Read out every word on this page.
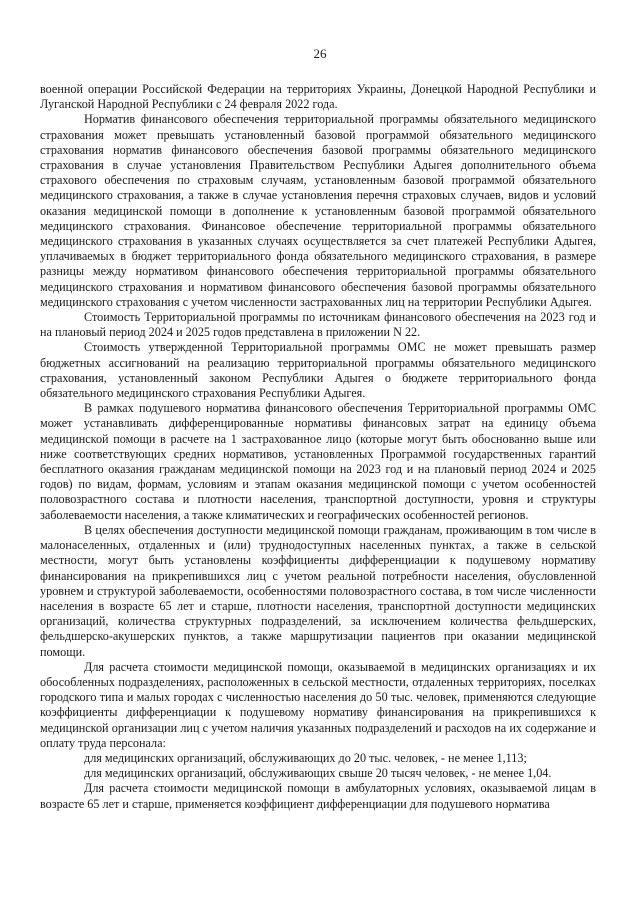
26

военной операции Российской Федерации на территориях Украины, Донецкой Народной Республики и Луганской Народной Республики с 24 февраля 2022 года.

Норматив финансового обеспечения территориальной программы обязательного медицинского страхования может превышать установленный базовой программой обязательного медицинского страхования норматив финансового обеспечения базовой программы обязательного медицинского страхования в случае установления Правительством Республики Адыгея дополнительного объема страхового обеспечения по страховым случаям, установленным базовой программой обязательного медицинского страхования, а также в случае установления перечня страховых случаев, видов и условий оказания медицинской помощи в дополнение к установленным базовой программой обязательного медицинского страхования. Финансовое обеспечение территориальной программы обязательного медицинского страхования в указанных случаях осуществляется за счет платежей Республики Адыгея, уплачиваемых в бюджет территориального фонда обязательного медицинского страхования, в размере разницы между нормативом финансового обеспечения территориальной программы обязательного медицинского страхования и нормативом финансового обеспечения базовой программы обязательного медицинского страхования с учетом численности застрахованных лиц на территории Республики Адыгея.

Стоимость Территориальной программы по источникам финансового обеспечения на 2023 год и на плановый период 2024 и 2025 годов представлена в приложении N 22.

Стоимость утвержденной Территориальной программы ОМС не может превышать размер бюджетных ассигнований на реализацию территориальной программы обязательного медицинского страхования, установленный законом Республики Адыгея о бюджете территориального фонда обязательного медицинского страхования Республики Адыгея.

В рамках подушевого норматива финансового обеспечения Территориальной программы ОМС может устанавливать дифференцированные нормативы финансовых затрат на единицу объема медицинской помощи в расчете на 1 застрахованное лицо (которые могут быть обоснованно выше или ниже соответствующих средних нормативов, установленных Программой государственных гарантий бесплатного оказания гражданам медицинской помощи на 2023 год и на плановый период 2024 и 2025 годов) по видам, формам, условиям и этапам оказания медицинской помощи с учетом особенностей половозрастного состава и плотности населения, транспортной доступности, уровня и структуры заболеваемости населения, а также климатических и географических особенностей регионов.

В целях обеспечения доступности медицинской помощи гражданам, проживающим в том числе в малонаселенных, отдаленных и (или) труднодоступных населенных пунктах, а также в сельской местности, могут быть установлены коэффициенты дифференциации к подушевому нормативу финансирования на прикрепившихся лиц с учетом реальной потребности населения, обусловленной уровнем и структурой заболеваемости, особенностями половозрастного состава, в том числе численности населения в возрасте 65 лет и старше, плотности населения, транспортной доступности медицинских организаций, количества структурных подразделений, за исключением количества фельдшерских, фельдшерско-акушерских пунктов, а также маршрутизации пациентов при оказании медицинской помощи.

Для расчета стоимости медицинской помощи, оказываемой в медицинских организациях и их обособленных подразделениях, расположенных в сельской местности, отдаленных территориях, поселках городского типа и малых городах с численностью населения до 50 тыс. человек, применяются следующие коэффициенты дифференциации к подушевому нормативу финансирования на прикрепившихся к медицинской организации лиц с учетом наличия указанных подразделений и расходов на их содержание и оплату труда персонала:

для медицинских организаций, обслуживающих до 20 тыс. человек, - не менее 1,113;

для медицинских организаций, обслуживающих свыше 20 тысяч человек, - не менее 1,04.

Для расчета стоимости медицинской помощи в амбулаторных условиях, оказываемой лицам в возрасте 65 лет и старше, применяется коэффициент дифференциации для подушевого норматива
